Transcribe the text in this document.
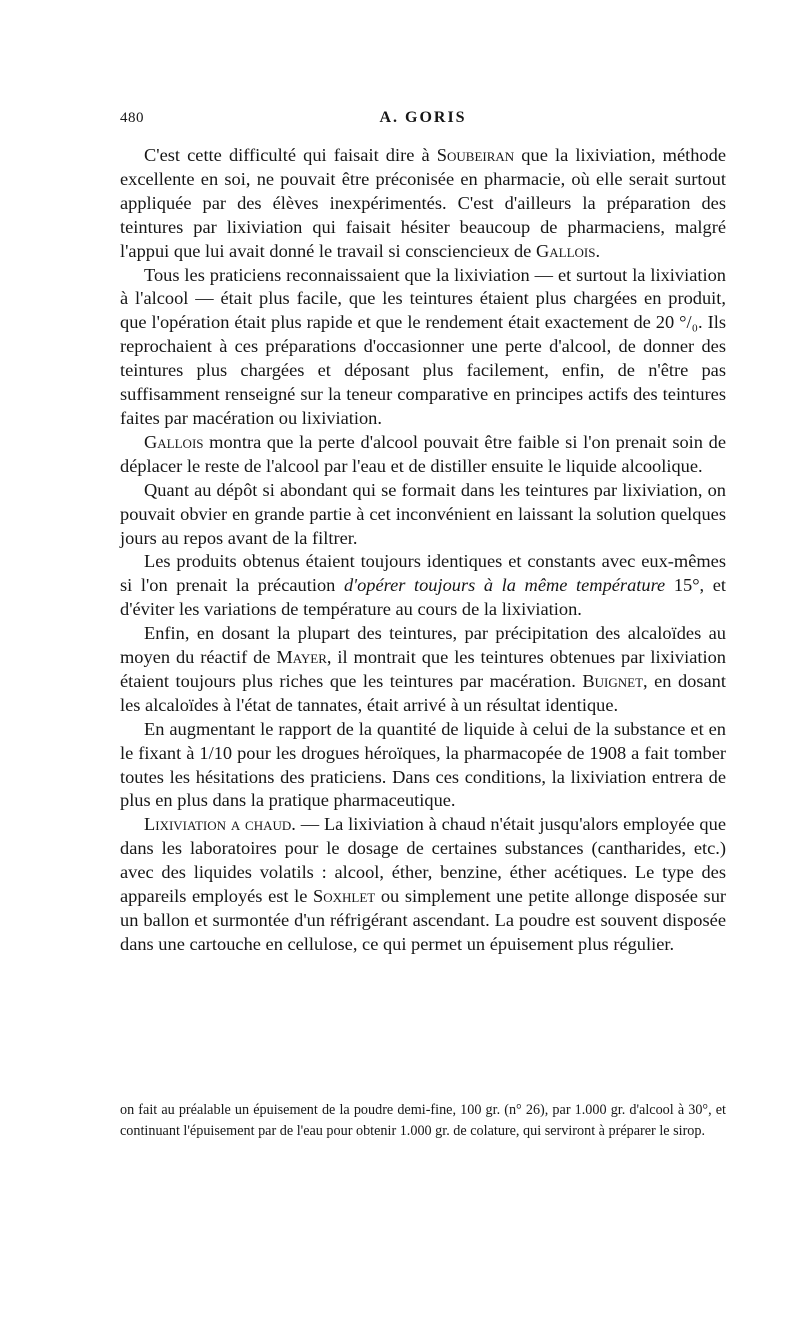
480	A. GORIS

C'est cette difficulté qui faisait dire à Soubeiran que la lixiviation, méthode excellente en soi, ne pouvait être préconisée en pharmacie, où elle serait surtout appliquée par des élèves inexpérimentés. C'est d'ailleurs la préparation des teintures par lixiviation qui faisait hésiter beaucoup de pharmaciens, malgré l'appui que lui avait donné le travail si consciencieux de Gallois.

Tous les praticiens reconnaissaient que la lixiviation — et surtout la lixiviation à l'alcool — était plus facile, que les teintures étaient plus chargées en produit, que l'opération était plus rapide et que le rendement était exactement de 20 °/₀. Ils reprochaient à ces préparations d'occasionner une perte d'alcool, de donner des teintures plus chargées et déposant plus facilement, enfin, de n'être pas suffisamment renseigné sur la teneur comparative en principes actifs des teintures faites par macération ou lixiviation.

Gallois montra que la perte d'alcool pouvait être faible si l'on prenait soin de déplacer le reste de l'alcool par l'eau et de distiller ensuite le liquide alcoolique.

Quant au dépôt si abondant qui se formait dans les teintures par lixiviation, on pouvait obvier en grande partie à cet inconvénient en laissant la solution quelques jours au repos avant de la filtrer.

Les produits obtenus étaient toujours identiques et constants avec eux-mêmes si l'on prenait la précaution d'opérer toujours à la même température 15°, et d'éviter les variations de température au cours de la lixiviation.

Enfin, en dosant la plupart des teintures, par précipitation des alcaloïdes au moyen du réactif de Mayer, il montrait que les teintures obtenues par lixiviation étaient toujours plus riches que les teintures par macération. Buignet, en dosant les alcaloïdes à l'état de tannates, était arrivé à un résultat identique.

En augmentant le rapport de la quantité de liquide à celui de la substance et en le fixant à 1/10 pour les drogues héroïques, la pharmacopée de 1908 a fait tomber toutes les hésitations des praticiens. Dans ces conditions, la lixiviation entrera de plus en plus dans la pratique pharmaceutique.

Lixiviation a chaud. — La lixiviation à chaud n'était jusqu'alors employée que dans les laboratoires pour le dosage de certaines substances (cantharides, etc.) avec des liquides volatils : alcool, éther, benzine, éther acétiques. Le type des appareils employés est le Soxhlet ou simplement une petite allonge disposée sur un ballon et surmontée d'un réfrigérant ascendant. La poudre est souvent disposée dans une cartouche en cellulose, ce qui permet un épuisement plus régulier.

on fait au préalable un épuisement de la poudre demi-fine, 100 gr. (n° 26), par 1.000 gr. d'alcool à 30°, et continuant l'épuisement par de l'eau pour obtenir 1.000 gr. de colature, qui serviront à préparer le sirop.
